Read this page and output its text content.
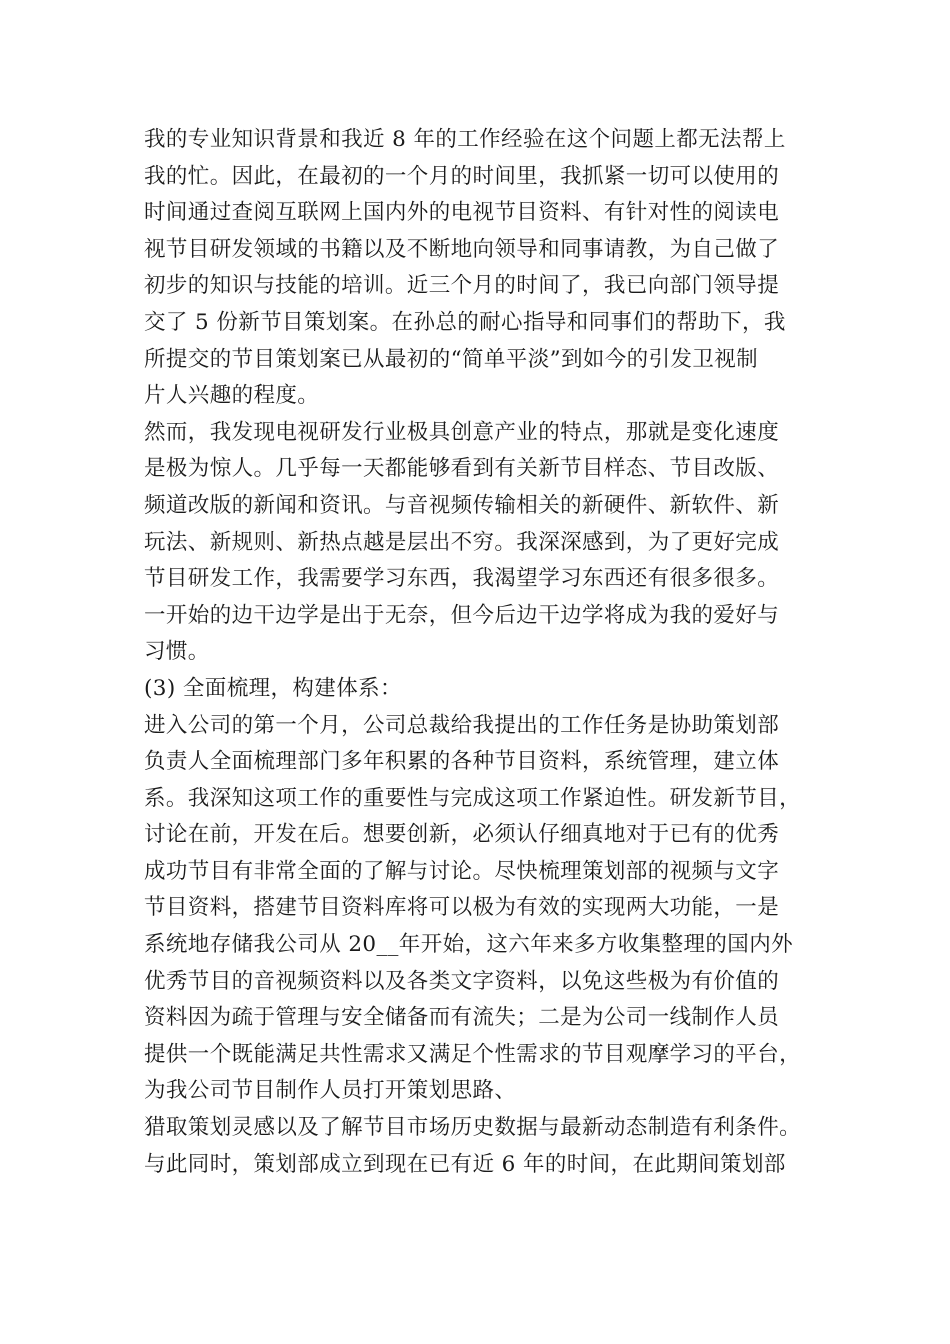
我的专业知识背景和我近 8 年的工作经验在这个问题上都无法帮上
我的忙。因此，在最初的一个月的时间里，我抓紧一切可以使用的
时间通过查阅互联网上国内外的电视节目资料、有针对性的阅读电
视节目研发领域的书籍以及不断地向领导和同事请教，为自己做了
初步的知识与技能的培训。近三个月的时间了，我已向部门领导提
交了 5 份新节目策划案。在孙总的耐心指导和同事们的帮助下，我
所提交的节目策划案已从最初的“简单平淡”到如今的引发卫视制
片人兴趣的程度。
然而，我发现电视研发行业极具创意产业的特点，那就是变化速度
是极为惊人。几乎每一天都能够看到有关新节目样态、节目改版、
频道改版的新闻和资讯。与音视频传输相关的新硬件、新软件、新
玩法、新规则、新热点越是层出不穷。我深深感到，为了更好完成
节目研发工作，我需要学习东西，我渴望学习东西还有很多很多。
一开始的边干边学是出于无奈，但今后边干边学将成为我的爱好与
习惯。
(3) 全面梳理，构建体系：
进入公司的第一个月，公司总裁给我提出的工作任务是协助策划部
负责人全面梳理部门多年积累的各种节目资料，系统管理，建立体
系。我深知这项工作的重要性与完成这项工作紧迫性。研发新节目，
讨论在前，开发在后。想要创新，必须认仔细真地对于已有的优秀
成功节目有非常全面的了解与讨论。尽快梳理策划部的视频与文字
节目资料，搭建节目资料库将可以极为有效的实现两大功能，一是
系统地存储我公司从 20__年开始，这六年来多方收集整理的国内外
优秀节目的音视频资料以及各类文字资料，以免这些极为有价值的
资料因为疏于管理与安全储备而有流失；二是为公司一线制作人员
提供一个既能满足共性需求又满足个性需求的节目观摩学习的平台，
为我公司节目制作人员打开策划思路、
猎取策划灵感以及了解节目市场历史数据与最新动态制造有利条件。
与此同时，策划部成立到现在已有近 6 年的时间，在此期间策划部
